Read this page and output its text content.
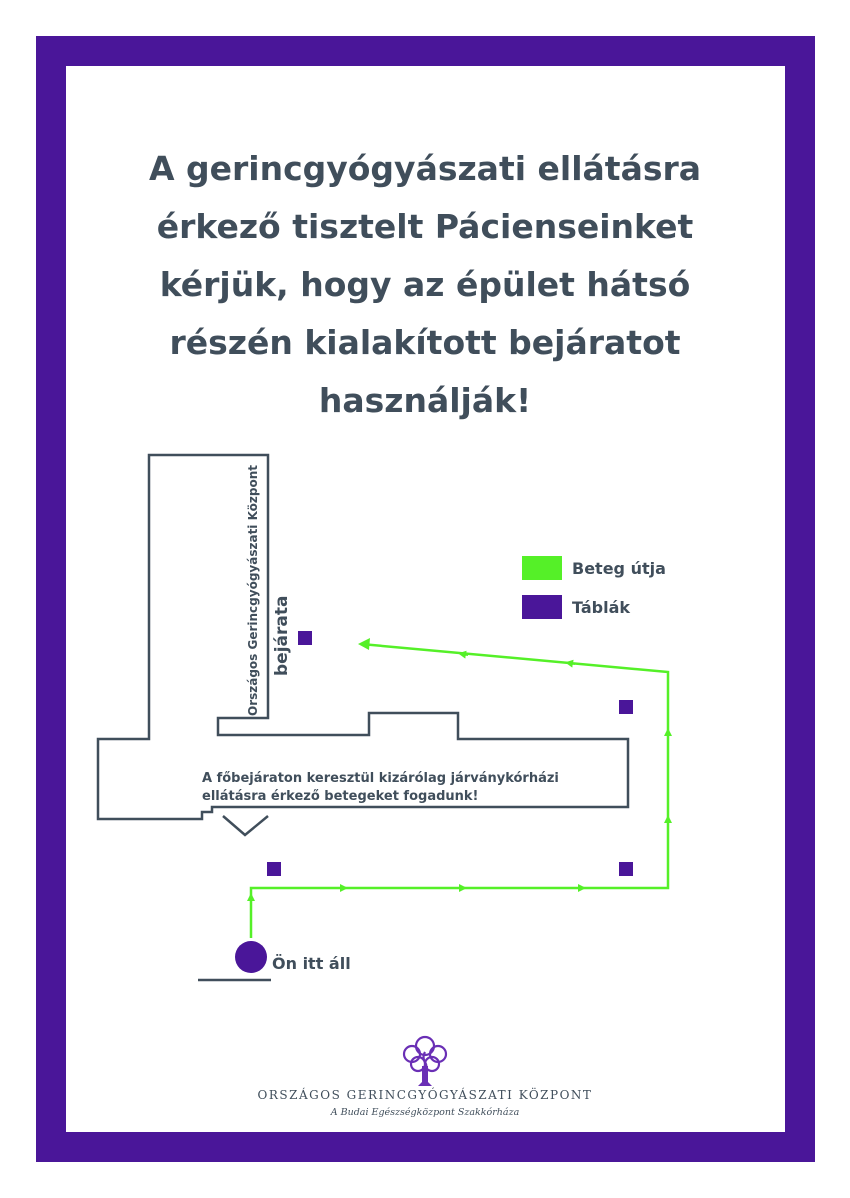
A gerincgyógyászati ellátásra
érkező tisztelt Pácienseinket
kérjük, hogy az épület hátsó
részén kialakított bejáratot
használják!
Beteg útja
Táblák
Országos Gerincgyógyászati Központ bejárata
A főbejáraton keresztül kizárólag járványkórházi
ellátásra érkező betegeket fogadunk!
Ön itt áll
ORSZÁGOS GERINCGYÓGYÁSZATI KÖZPONT
A Budai Egészségközpont Szakkórháza
